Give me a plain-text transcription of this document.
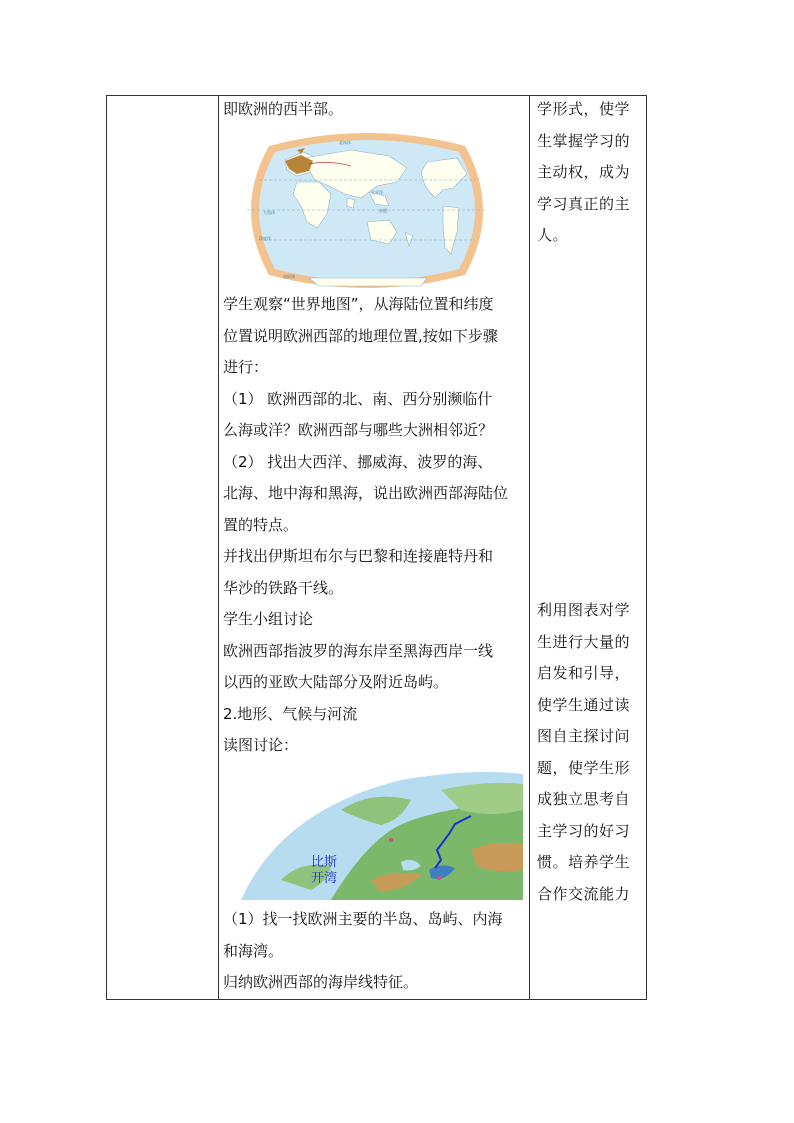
即欧洲的西半部。

学生观察“世界地图”，从海陆位置和纬度

位置说明欧洲西部的地理位置,按如下步骤

进行：

（1） 欧洲西部的北、南、西分别濒临什

么海或洋？欧洲西部与哪些大洲相邻近？

（2） 找出大西洋、挪威海、波罗的海、

北海、地中海和黑海，说出欧洲西部海陆位

置的特点。

并找出伊斯坦布尔与巴黎和连接鹿特丹和

华沙的铁路干线。

学生小组讨论

欧洲西部指波罗的海东岸至黑海西岸一线

以西的亚欧大陆部分及附近岛屿。

2.地形、气候与河流

读图讨论：

（1）找一找欧洲主要的半岛、岛屿、内海

和海湾。

归纳欧洲西部的海岸线特征。

北冰洋
太平洋
大西洋
印度洋
南极洲
赤道
比斯
开湾

学形式，使学

生掌握学习的

主动权，成为

学习真正的主

人。

利用图表对学

生进行大量的

启发和引导，

使学生通过读

图自主探讨问

题，使学生形

成独立思考自

主学习的好习

惯。培养学生

合作交流能力
